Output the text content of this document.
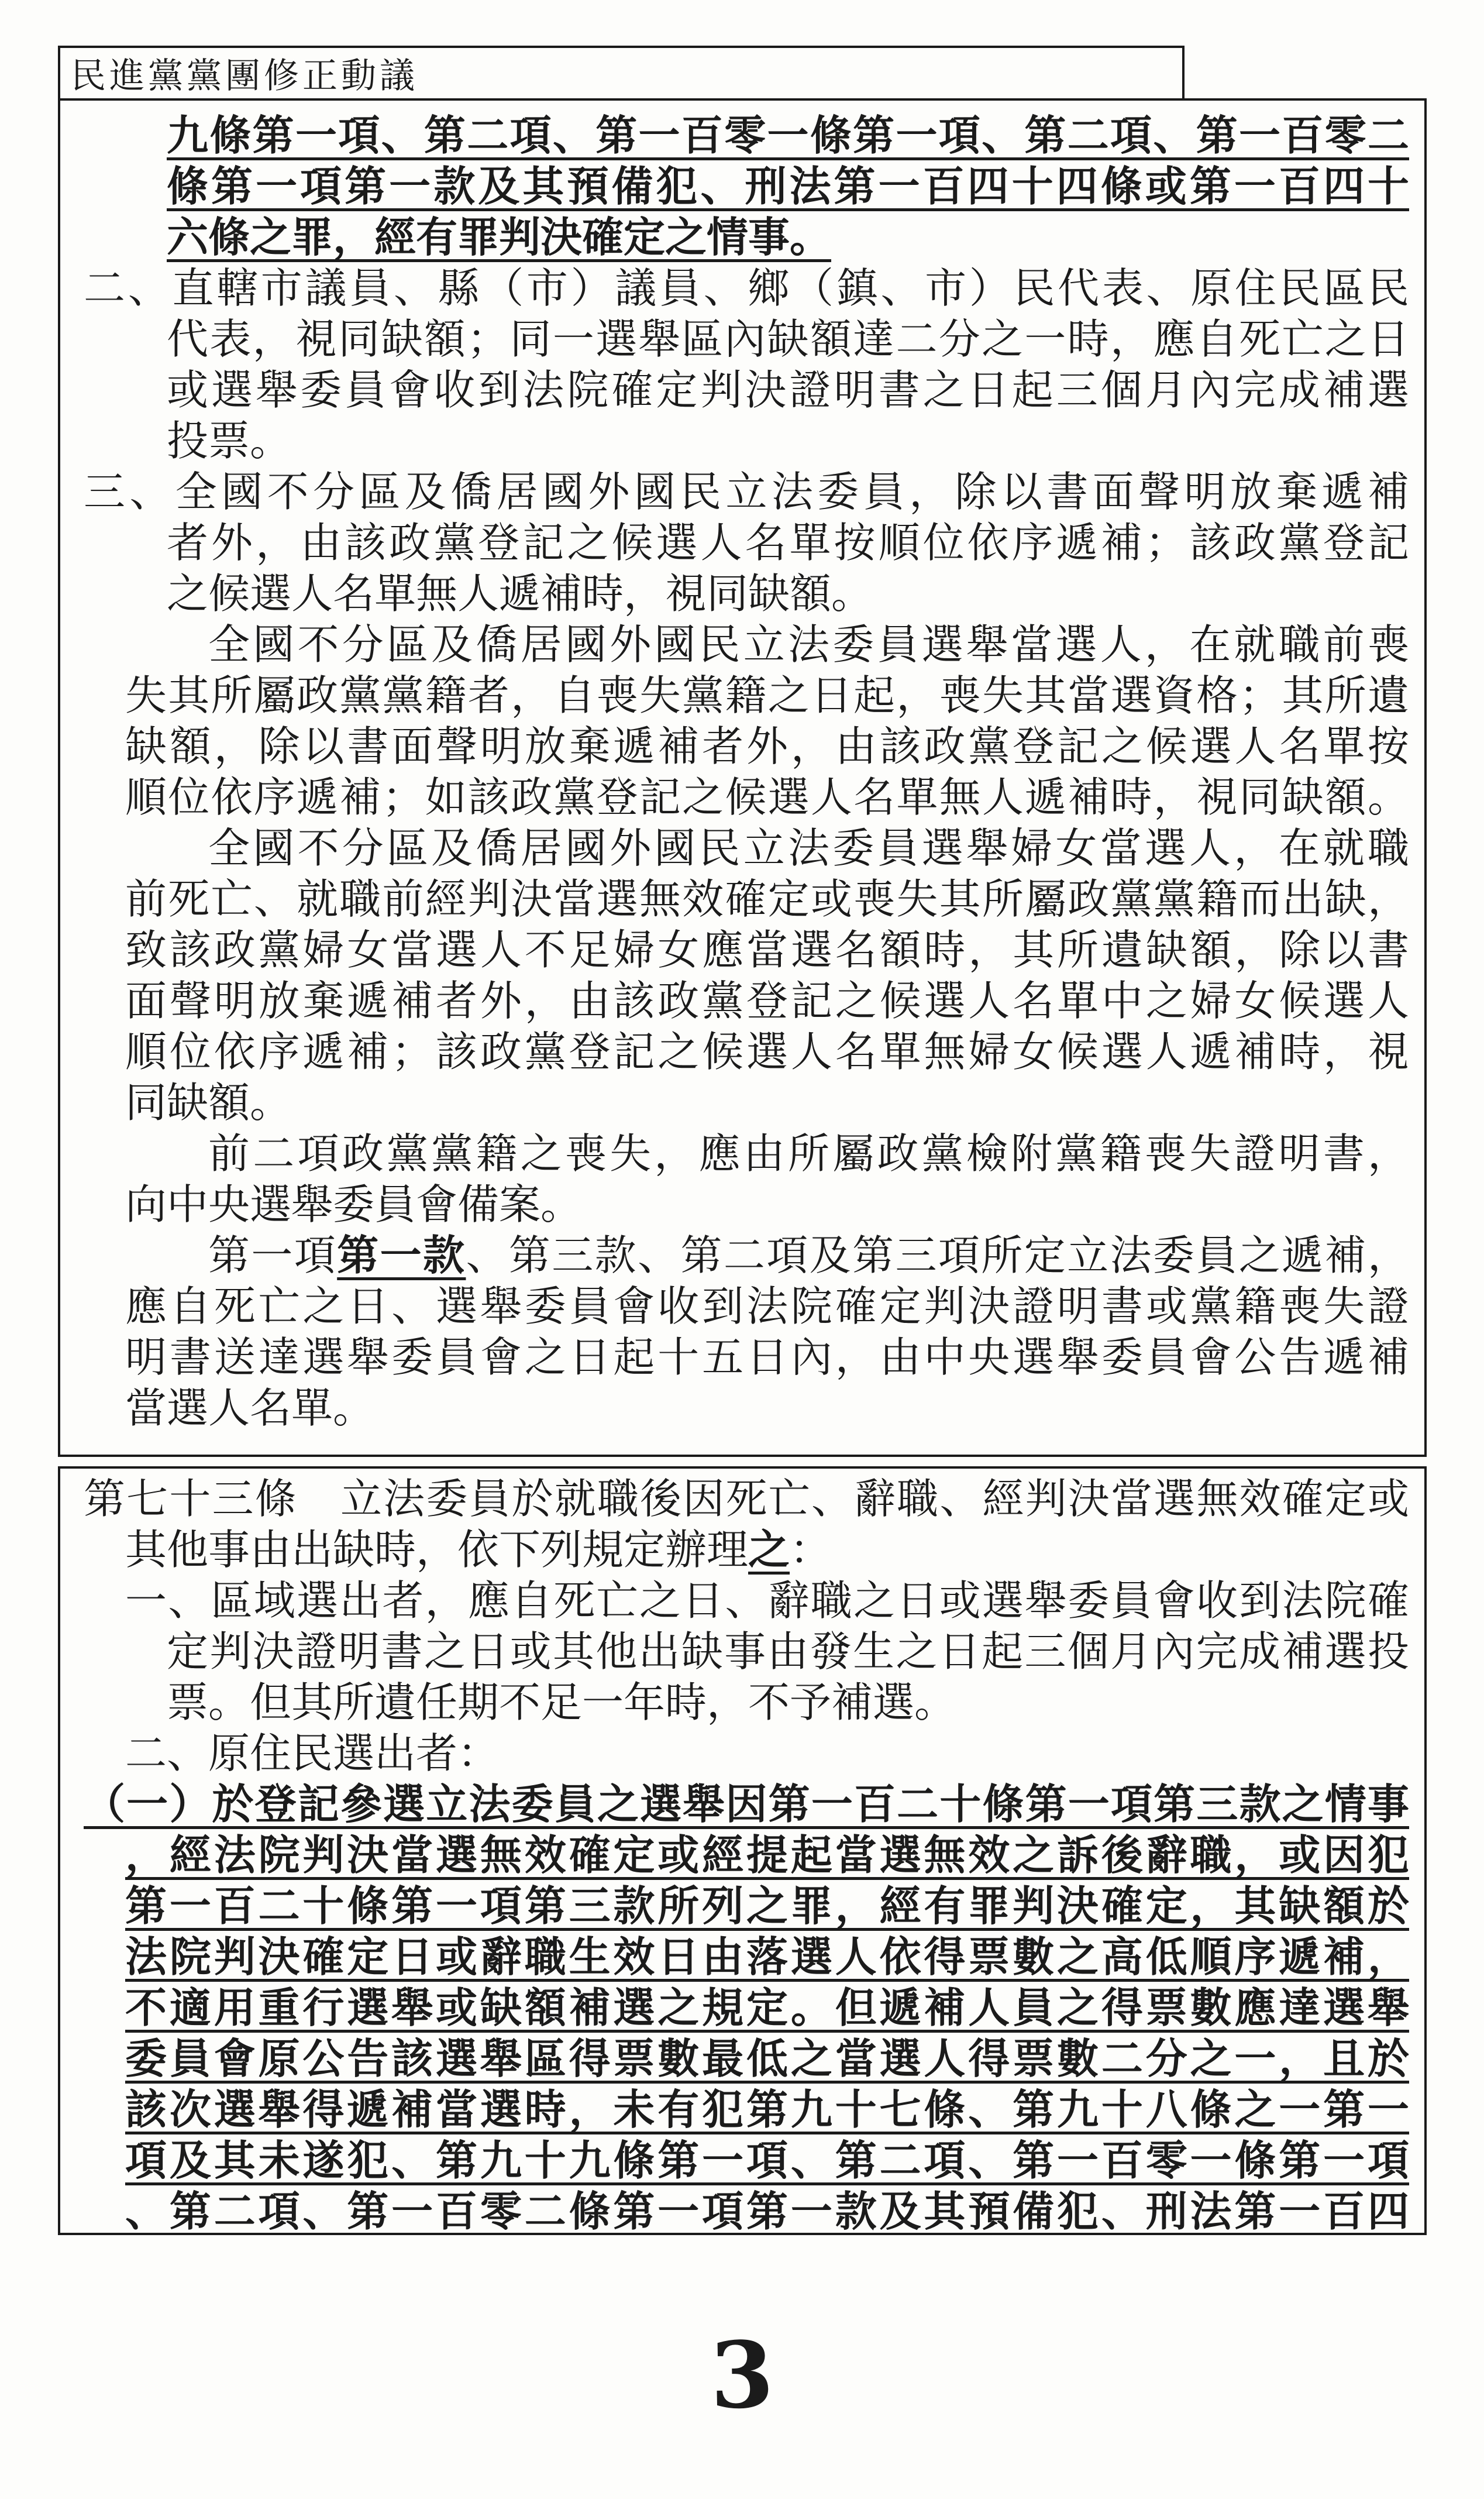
民進黨黨團修正動議
九條第一項、第二項、第一百零一條第一項、第二項、第一百零二
條第一項第一款及其預備犯、刑法第一百四十四條或第一百四十
六條之罪，經有罪判決確定之情事。
二、直轄市議員、縣（市）議員、鄉（鎮、市）民代表、原住民區民
代表，視同缺額；同一選舉區內缺額達二分之一時，應自死亡之日
或選舉委員會收到法院確定判決證明書之日起三個月內完成補選
投票。
三、全國不分區及僑居國外國民立法委員，除以書面聲明放棄遞補
者外，由該政黨登記之候選人名單按順位依序遞補；該政黨登記
之候選人名單無人遞補時，視同缺額。
全國不分區及僑居國外國民立法委員選舉當選人，在就職前喪
失其所屬政黨黨籍者，自喪失黨籍之日起，喪失其當選資格；其所遺
缺額，除以書面聲明放棄遞補者外，由該政黨登記之候選人名單按
順位依序遞補；如該政黨登記之候選人名單無人遞補時，視同缺額。
全國不分區及僑居國外國民立法委員選舉婦女當選人，在就職
前死亡、就職前經判決當選無效確定或喪失其所屬政黨黨籍而出缺，
致該政黨婦女當選人不足婦女應當選名額時，其所遺缺額，除以書
面聲明放棄遞補者外，由該政黨登記之候選人名單中之婦女候選人
順位依序遞補；該政黨登記之候選人名單無婦女候選人遞補時，視
同缺額。
前二項政黨黨籍之喪失，應由所屬政黨檢附黨籍喪失證明書，
向中央選舉委員會備案。
第一項第一款、第三款、第二項及第三項所定立法委員之遞補，
應自死亡之日、選舉委員會收到法院確定判決證明書或黨籍喪失證
明書送達選舉委員會之日起十五日內，由中央選舉委員會公告遞補
當選人名單。
第七十三條　立法委員於就職後因死亡、辭職、經判決當選無效確定或
其他事由出缺時，依下列規定辦理之：
一、區域選出者，應自死亡之日、辭職之日或選舉委員會收到法院確
定判決證明書之日或其他出缺事由發生之日起三個月內完成補選投
票。但其所遺任期不足一年時，不予補選。
二、原住民選出者：
（一）於登記參選立法委員之選舉因第一百二十條第一項第三款之情事
，經法院判決當選無效確定或經提起當選無效之訴後辭職，或因犯
第一百二十條第一項第三款所列之罪，經有罪判決確定，其缺額於
法院判決確定日或辭職生效日由落選人依得票數之高低順序遞補，
不適用重行選舉或缺額補選之規定。但遞補人員之得票數應達選舉
委員會原公告該選舉區得票數最低之當選人得票數二分之一，且於
該次選舉得遞補當選時，未有犯第九十七條、第九十八條之一第一
項及其未遂犯、第九十九條第一項、第二項、第一百零一條第一項
、第二項、第一百零二條第一項第一款及其預備犯、刑法第一百四
3
